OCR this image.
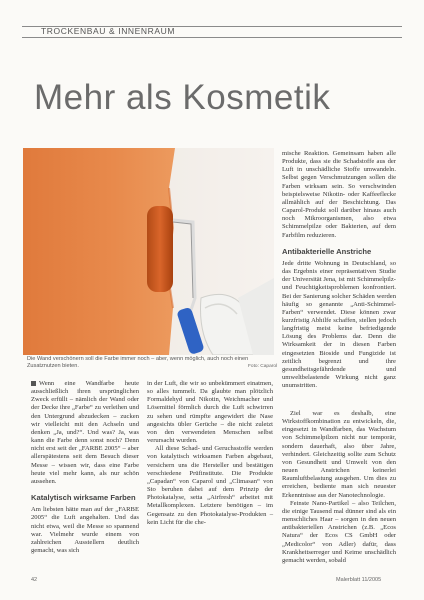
TROCKENBAU & INNENRAUM
Mehr als Kosmetik
Die Wand verschönern soll die Farbe immer noch – aber, wenn möglich, auch noch einen Zusatznutzen bieten.	Foto: Caparol

Wenn eine Wandfarbe heute ausschließlich ihren ursprünglichen Zweck erfüllt – nämlich der Wand oder der Decke ihre „Farbe“ zu verleihen und den Untergrund abzudecken – zucken wir vielleicht mit den Achseln und denken „Ja, und?“. Und was? Ja, was kann die Farbe denn sonst noch? Denn nicht erst seit der „FARBE 2005“ – aber allerspätestens seit dem Besuch dieser Messe – wissen wir, dass eine Farbe heute viel mehr kann, als nur schön aussehen.

Katalytisch wirksame Farben

Am liebsten hätte man auf der „FARBE 2005“ die Luft angehalten. Und das nicht etwa, weil die Messe so spannend war. Vielmehr wurde einem von zahlreichen Ausstellern deutlich gemacht, was sich

in der Luft, die wir so unbekümmert einatmen, so alles tummelt. Da glaubte man plötzlich Formaldehyd und Nikotin, Weichmacher und Lösemittel förmlich durch die Luft schwirren zu sehen und rümpfte angewidert die Nase angesichts übler Gerüche – die nicht zuletzt von den verwendeten Menschen selbst verursacht wurden.

All diese Schad- und Geruchsstoffe werden von katalytisch wirksamen Farben abgebaut, versichern uns die Hersteller und bestätigen verschiedene Prüfinstitute. Die Produkte „Capadan“ von Caparol und „Climasan“ von Sto beruhen dabei auf dem Prinzip der Photokatalyse, setta „Airfresh“ arbeitet mit Metallkomplexen. Letztere benötigen – im Gegensatz zu den Photokatalyse-Produkten – kein Licht für die che-

mische Reaktion. Gemeinsam haben alle Produkte, dass sie die Schadstoffe aus der Luft in unschädliche Stoffe umwandeln. Selbst gegen Verschmutzungen sollen die Farben wirksam sein. So verschwinden beispielsweise Nikotin- oder Kaffeeflecke allmählich auf der Beschichtung. Das Caparol-Produkt soll darüber hinaus auch noch Mikroorganismen, also etwa Schimmelpilze oder Bakterien, auf dem Farbfilm reduzieren.

Antibakterielle Anstriche

Jede dritte Wohnung in Deutschland, so das Ergebnis einer repräsentativen Studie der Universität Jena, ist mit Schimmelpilz- und Feuchtigkeitsproblemen konfrontiert. Bei der Sanierung solcher Schäden werden häufig so genannte „Anti-Schimmel-Farben“ verwendet. Diese können zwar kurzfristig Abhilfe schaffen, stellen jedoch langfristig meist keine befriedigende Lösung des Problems dar. Denn die Wirksamkeit der in diesen Farben eingesetzten Bioside und Fungizide ist zeitlich begrenzt und ihre gesundheitsgefährdende und umweltbelastende Wirkung nicht ganz unumstritten.

Ziel war es deshalb, eine Wirkstoffkombination zu entwickeln, die, eingesetzt in Wandfarben, das Wachstum von Schimmelpilzen nicht nur temporär, sondern dauerhaft, also über Jahre, verhindert. Gleichzeitig sollte zum Schutz von Gesundheit und Umwelt von den neuen Anstrichen keinerlei Raumluftbelastung ausgehen. Um dies zu erreichen, bediente man sich neuester Erkenntnisse aus der Nanotechnologie.

Feinste Nano-Partikel – also Teilchen, die einige Tausend mal dünner sind als ein menschliches Haar – sorgen in den neuen antibakteriellen Anstrichen (z.B. „Ecos Natura“ der Ecos CS GmbH oder „Medicolor“ von Adler) dafür, dass Krankheitserreger und Keime unschädlich gemacht werden, sobald

42	Malerblatt 11/2005
